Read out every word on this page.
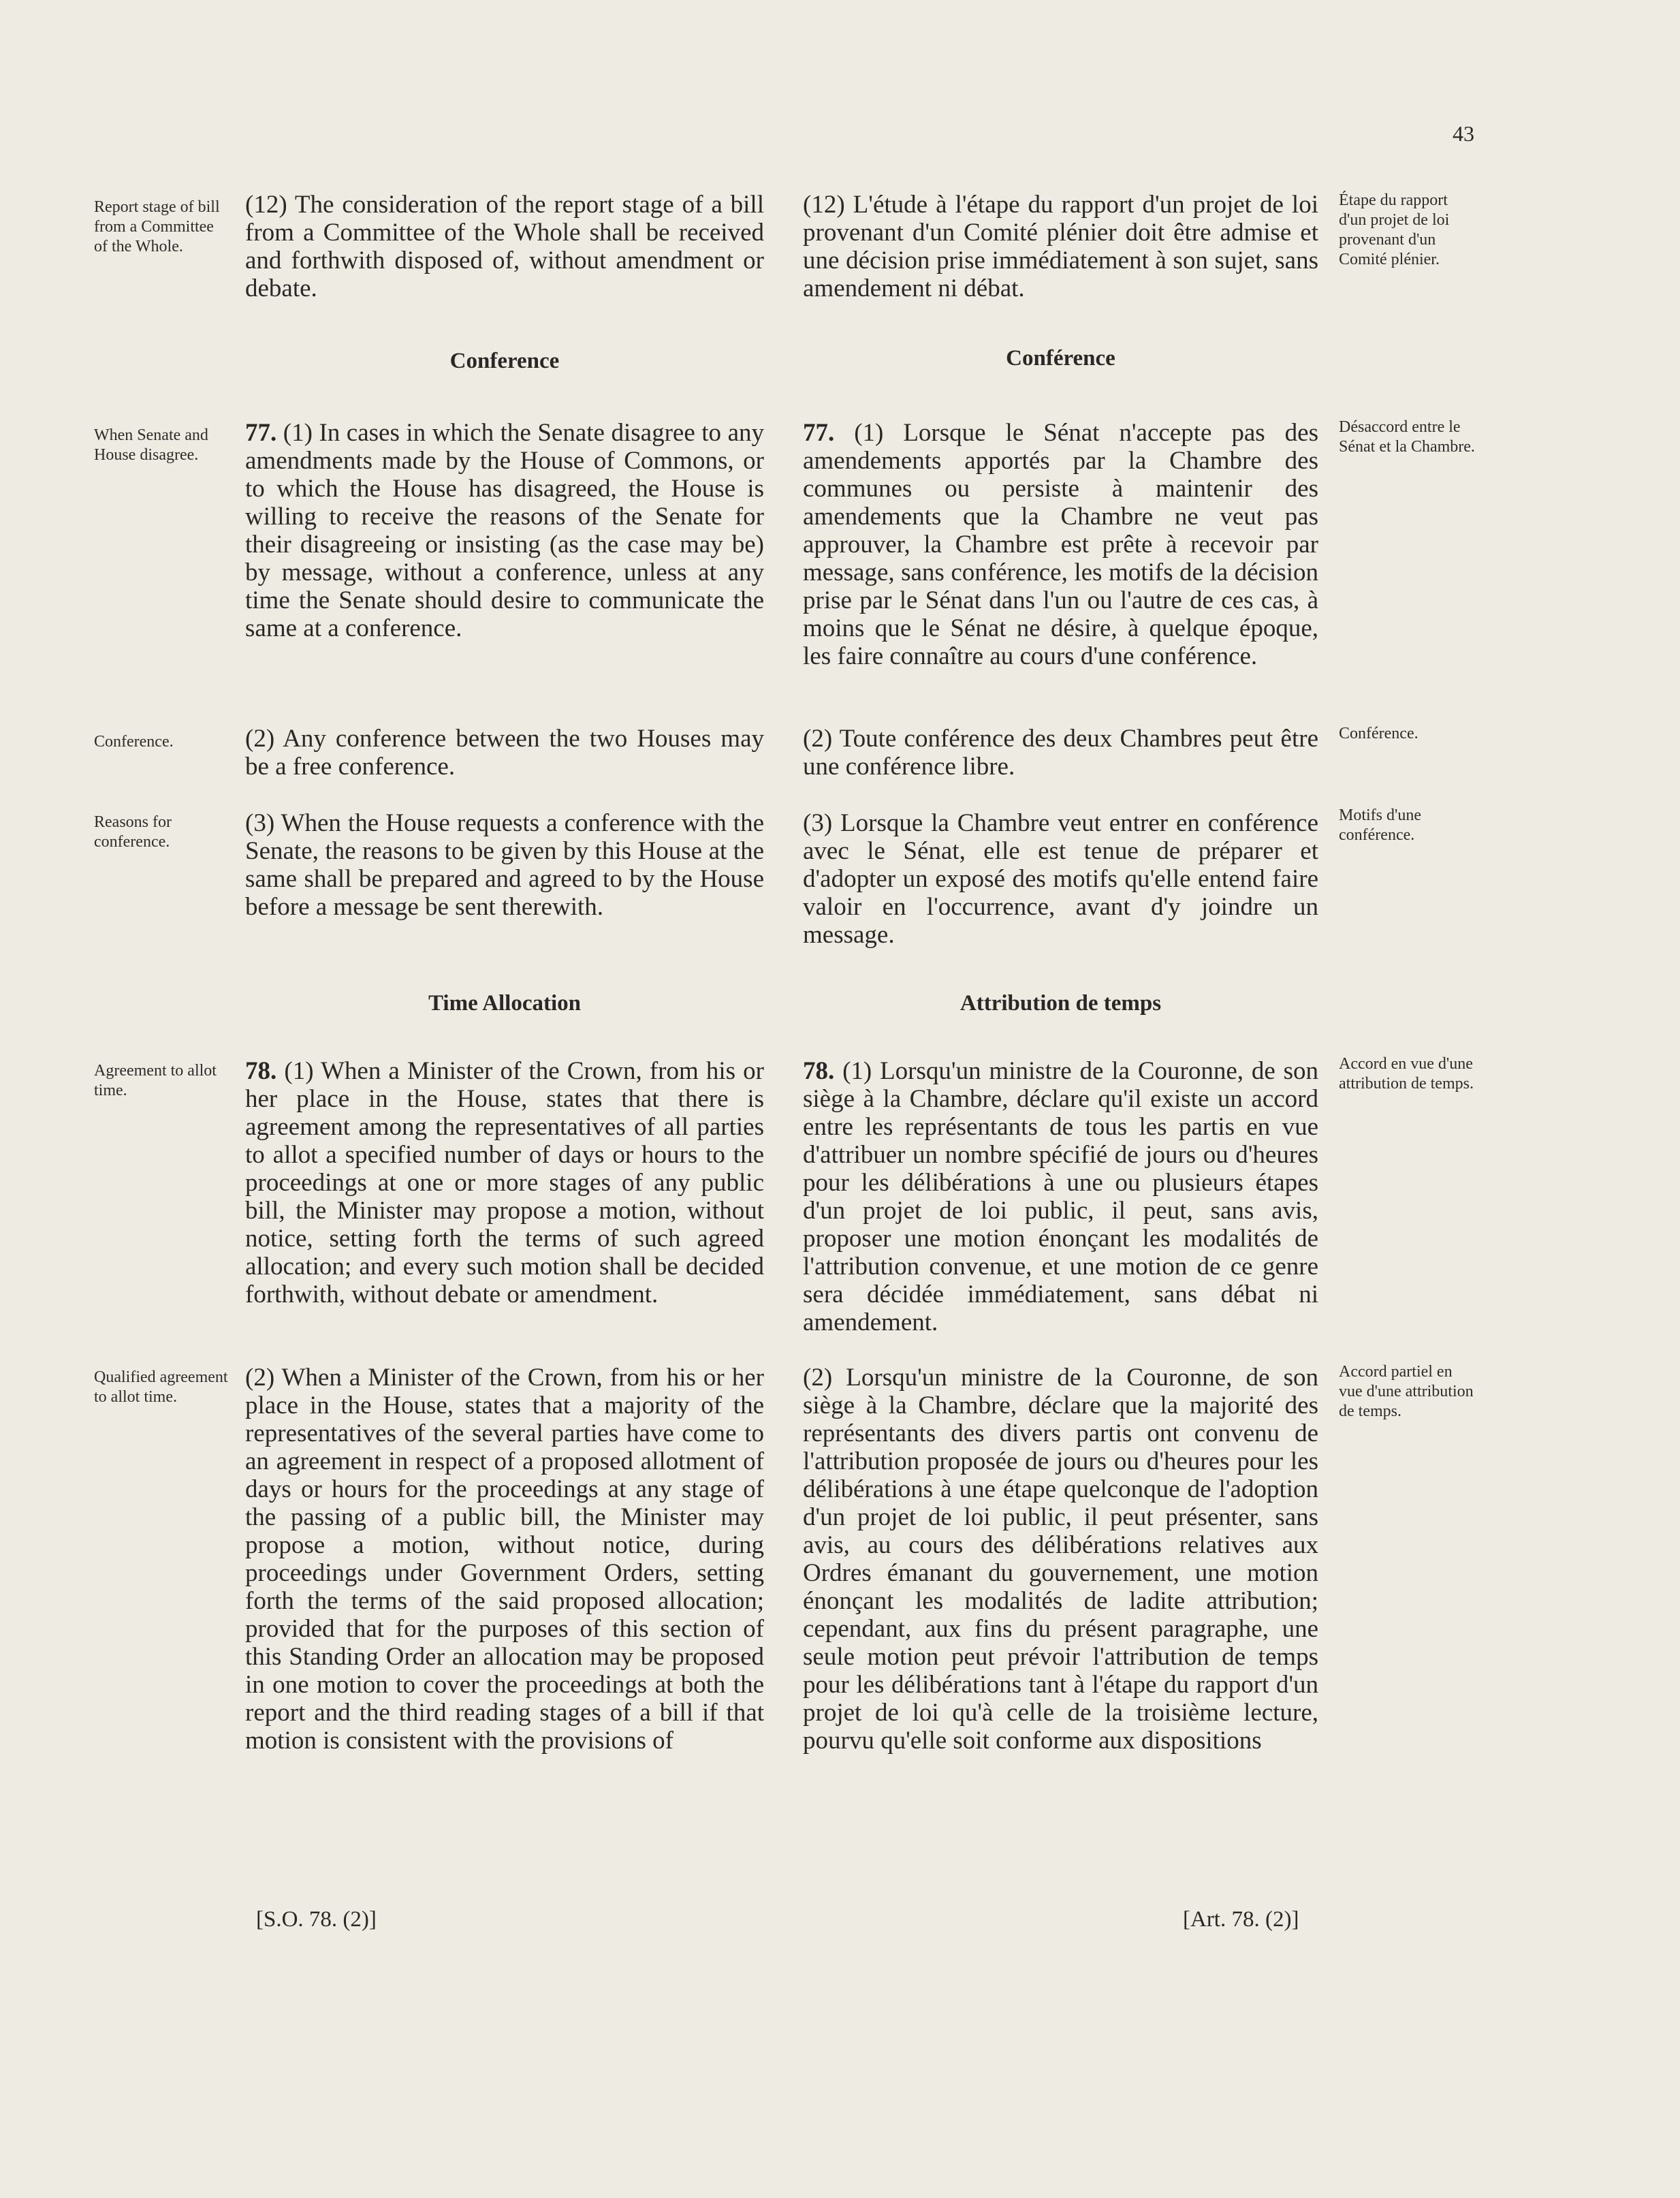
43
Report stage of bill from a Committee of the Whole.
When Senate and House disagree.
Conference.
Reasons for conference.
Agreement to allot time.
Qualified agreement to allot time.
(12) The consideration of the report stage of a bill from a Committee of the Whole shall be received and forthwith disposed of, without amendment or debate.
Conference
77. (1) In cases in which the Senate disagree to any amendments made by the House of Commons, or to which the House has disagreed, the House is willing to receive the reasons of the Senate for their disagreeing or insisting (as the case may be) by message, without a conference, unless at any time the Senate should desire to communicate the same at a conference.
(2) Any conference between the two Houses may be a free conference.
(3) When the House requests a conference with the Senate, the reasons to be given by this House at the same shall be prepared and agreed to by the House before a message be sent therewith.
Time Allocation
78. (1) When a Minister of the Crown, from his or her place in the House, states that there is agreement among the representatives of all parties to allot a specified number of days or hours to the proceedings at one or more stages of any public bill, the Minister may propose a motion, without notice, setting forth the terms of such agreed allocation; and every such motion shall be decided forthwith, without debate or amendment.
(2) When a Minister of the Crown, from his or her place in the House, states that a majority of the representatives of the several parties have come to an agreement in respect of a proposed allotment of days or hours for the proceedings at any stage of the passing of a public bill, the Minister may propose a motion, without notice, during proceedings under Government Orders, setting forth the terms of the said proposed allocation; provided that for the purposes of this section of this Standing Order an allocation may be proposed in one motion to cover the proceedings at both the report and the third reading stages of a bill if that motion is consistent with the provisions of
[S.O. 78. (2)]
(12) L'étude à l'étape du rapport d'un projet de loi provenant d'un Comité plénier doit être admise et une décision prise immédiatement à son sujet, sans amendement ni débat.
Conférence
77. (1) Lorsque le Sénat n'accepte pas des amendements apportés par la Chambre des communes ou persiste à maintenir des amendements que la Chambre ne veut pas approuver, la Chambre est prête à recevoir par message, sans conférence, les motifs de la décision prise par le Sénat dans l'un ou l'autre de ces cas, à moins que le Sénat ne désire, à quelque époque, les faire connaître au cours d'une conférence.
(2) Toute conférence des deux Chambres peut être une conférence libre.
(3) Lorsque la Chambre veut entrer en conférence avec le Sénat, elle est tenue de préparer et d'adopter un exposé des motifs qu'elle entend faire valoir en l'occurrence, avant d'y joindre un message.
Attribution de temps
78. (1) Lorsqu'un ministre de la Couronne, de son siège à la Chambre, déclare qu'il existe un accord entre les représentants de tous les partis en vue d'attribuer un nombre spécifié de jours ou d'heures pour les délibérations à une ou plusieurs étapes d'un projet de loi public, il peut, sans avis, proposer une motion énonçant les modalités de l'attribution convenue, et une motion de ce genre sera décidée immédiatement, sans débat ni amendement.
(2) Lorsqu'un ministre de la Couronne, de son siège à la Chambre, déclare que la majorité des représentants des divers partis ont convenu de l'attribution proposée de jours ou d'heures pour les délibérations à une étape quelconque de l'adoption d'un projet de loi public, il peut présenter, sans avis, au cours des délibérations relatives aux Ordres émanant du gouvernement, une motion énonçant les modalités de ladite attribution; cependant, aux fins du présent paragraphe, une seule motion peut prévoir l'attribution de temps pour les délibérations tant à l'étape du rapport d'un projet de loi qu'à celle de la troisième lecture, pourvu qu'elle soit conforme aux dispositions
[Art. 78. (2)]
Étape du rapport d'un projet de loi provenant d'un Comité plénier.
Désaccord entre le Sénat et la Chambre.
Conférence.
Motifs d'une conférence.
Accord en vue d'une attribution de temps.
Accord partiel en vue d'une attribution de temps.
